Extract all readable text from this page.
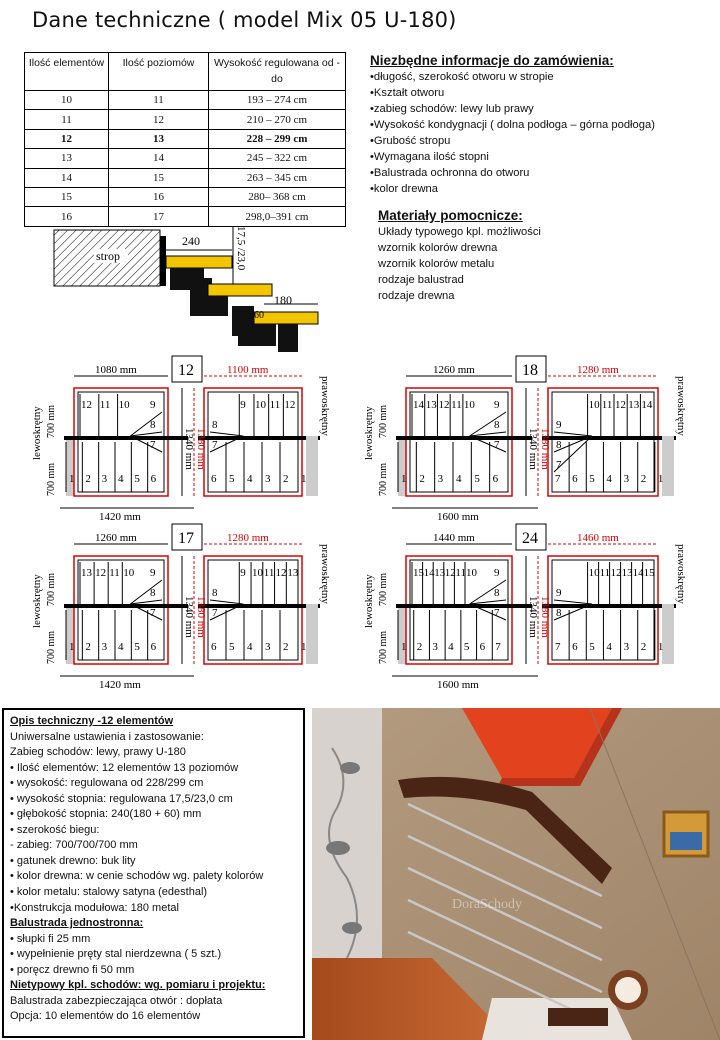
Dane techniczne ( model Mix 05 U-180)
Ilość elementów	Ilość poziomów	Wysokość regulowana od - do
10	11	193 – 274 cm
11	12	210 – 270 cm
12	13	228 – 299 cm
13	14	245 – 322 cm
14	15	263 – 345 cm
15	16	280– 368 cm
16	17	298,0–391 cm
Niezbędne informacje do zamówienia:
• długość, szerokość otworu w stropie
• Kształt otworu
• zabieg schodów: lewy lub prawy
• Wysokość kondygnacji ( dolna podłoga – górna podłoga)
• Grubość stropu
• Wymagana ilość stopni
• Balustrada ochronna do otworu
• kolor drewna
Materiały pomocnicze:
Układy typowego kpl. możliwości
wzornik kolorów drewna
wzornik kolorów metalu
rodzaje balustrad
rodzaje drewna
strop
240	17,5 /23,0
180
60
12 11 10 9
8
7
1 2 3 4 5 6
9 10 11 12
8
7
6 5 4 3 2 1
12
1080 mm	1100 mm
1340 mm 1380 mm
1420 mm
lewoskrętny	prawoskrętny
700 mm
700 mm
14 13 12 11 10 9
8
7
1 2 3 4 5 6
10 11 12 13 14
9
8
7
7 6 5 4 3 2 1
18
1260 mm	1280 mm
1340 mm 1380 mm
1600 mm
lewoskrętny	prawoskrętny
700 mm
700 mm
13 12 11 10 9
8
7
1 2 3 4 5 6
9 10 11 12 13
8
7
6 5 4 3 2 1
17
1260 mm	1280 mm
1340 mm 1380 mm
1420 mm
lewoskrętny	prawoskrętny
700 mm
700 mm
15 14 13 12 11 10 9
8
7
1 2 3 4 5 6 7
10 11 12 13 14 15
9
8
7 6 5 4 3 2 1
24
1440 mm	1460 mm
1340 mm 1380 mm
1600 mm
lewoskrętny	prawoskrętny
700 mm
700 mm
Opis techniczny -12 elementów
Uniwersalne ustawienia i zastosowanie:
Zabieg schodów: lewy, prawy U-180
• Ilość elementów: 12 elementów 13 poziomów
• wysokość: regulowana od 228/299 cm
• wysokość stopnia: regulowana 17,5/23,0 cm
• głębokość stopnia: 240(180 + 60) mm
• szerokość biegu:
- zabieg: 700/700/700 mm
• gatunek drewno: buk lity
• kolor drewna: w cenie schodów wg. palety kolorów
• kolor metalu: stalowy satyna (edesthal)
•Konstrukcja modułowa: 180 metal
Balustrada jednostronna:
• słupki fi 25 mm
• wypełnienie pręty stal nierdzewna ( 5 szt.)
• poręcz drewno fi 50 mm
Nietypowy kpl. schodów: wg. pomiaru i projektu:
Balustrada zabezpieczająca otwór : dopłata
Opcja: 10 elementów do 16 elementów
DoraSchody
